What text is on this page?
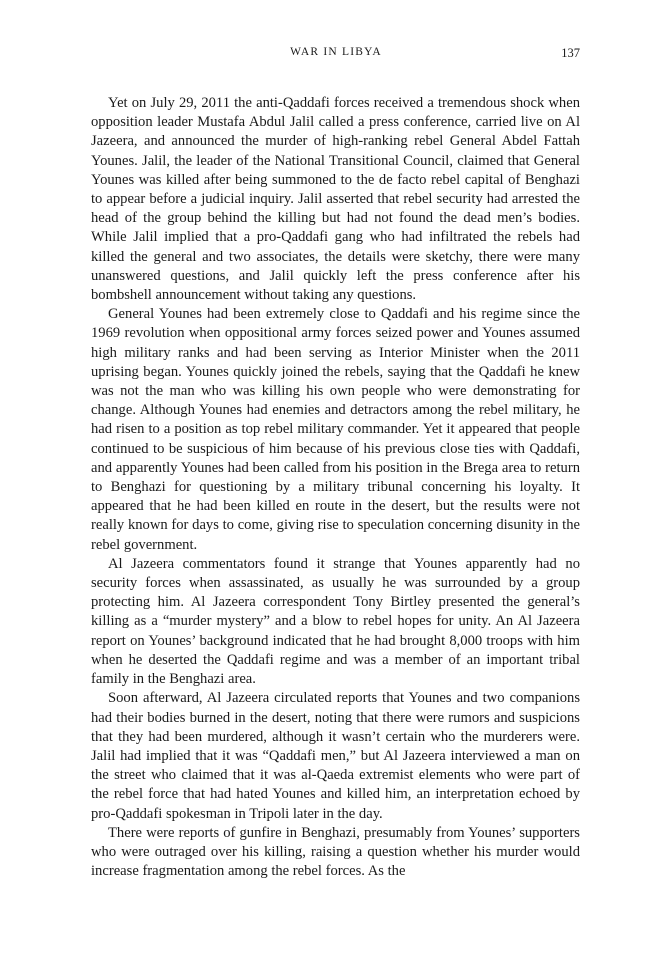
WAR IN LIBYA	137

Yet on July 29, 2011 the anti-Qaddafi forces received a tremendous shock when opposition leader Mustafa Abdul Jalil called a press conference, carried live on Al Jazeera, and announced the murder of high-ranking rebel General Abdel Fattah Younes. Jalil, the leader of the National Transitional Council, claimed that General Younes was killed after being summoned to the de facto rebel capital of Benghazi to appear before a judicial inquiry. Jalil asserted that rebel security had arrested the head of the group behind the killing but had not found the dead men’s bodies. While Jalil implied that a pro-Qaddafi gang who had infiltrated the rebels had killed the general and two associates, the details were sketchy, there were many unanswered questions, and Jalil quickly left the press conference after his bombshell announcement without taking any questions.

General Younes had been extremely close to Qaddafi and his regime since the 1969 revolution when oppositional army forces seized power and Younes assumed high military ranks and had been serving as Interior Minister when the 2011 uprising began. Younes quickly joined the rebels, saying that the Qaddafi he knew was not the man who was killing his own people who were demonstrating for change. Although Younes had enemies and detractors among the rebel military, he had risen to a position as top rebel military commander. Yet it appeared that people continued to be suspicious of him because of his previous close ties with Qaddafi, and apparently Younes had been called from his position in the Brega area to return to Benghazi for questioning by a military tribunal concerning his loyalty. It appeared that he had been killed en route in the desert, but the results were not really known for days to come, giving rise to speculation concerning disunity in the rebel government.

Al Jazeera commentators found it strange that Younes apparently had no security forces when assassinated, as usually he was surrounded by a group protecting him. Al Jazeera correspondent Tony Birtley presented the general’s killing as a “murder mystery” and a blow to rebel hopes for unity. An Al Jazeera report on Younes’ background indicated that he had brought 8,000 troops with him when he deserted the Qaddafi regime and was a member of an important tribal family in the Benghazi area.

Soon afterward, Al Jazeera circulated reports that Younes and two companions had their bodies burned in the desert, noting that there were rumors and suspicions that they had been murdered, although it wasn’t certain who the murderers were. Jalil had implied that it was “Qaddafi men,” but Al Jazeera interviewed a man on the street who claimed that it was al-Qaeda extremist elements who were part of the rebel force that had hated Younes and killed him, an interpretation echoed by pro-Qaddafi spokesman in Tripoli later in the day.

There were reports of gunfire in Benghazi, presumably from Younes’ supporters who were outraged over his killing, raising a question whether his murder would increase fragmentation among the rebel forces. As the
